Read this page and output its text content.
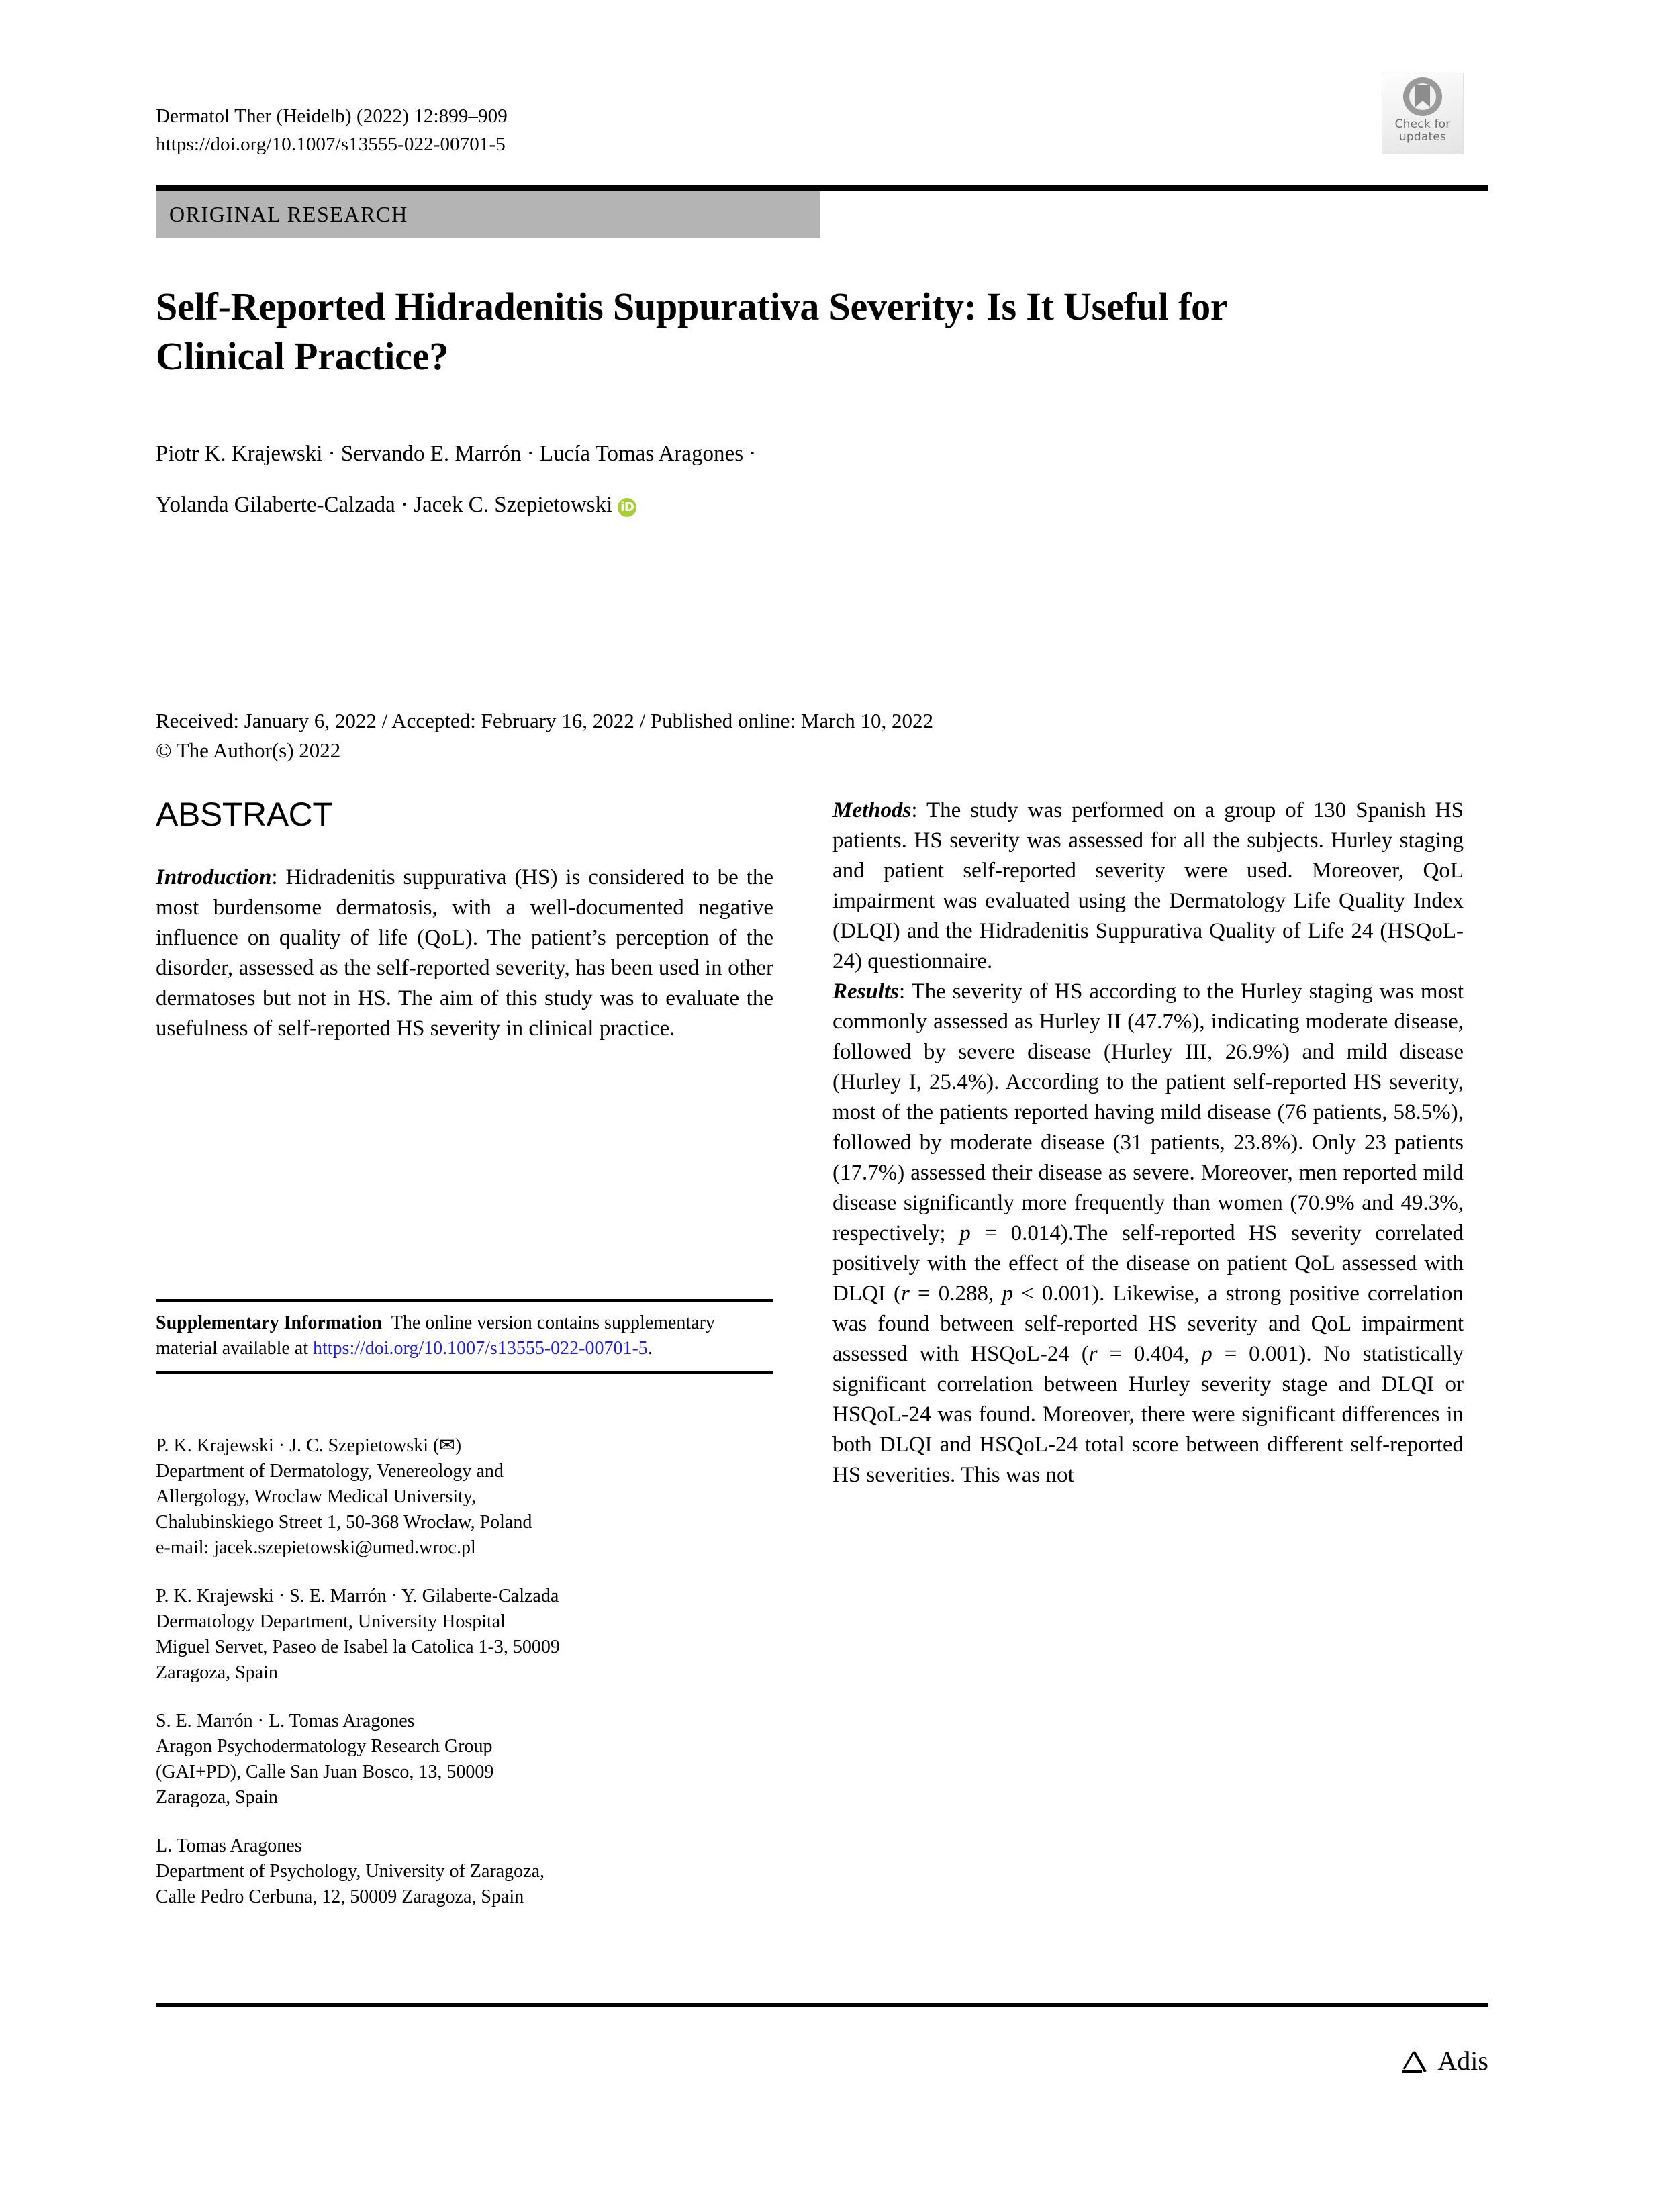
Dermatol Ther (Heidelb) (2022) 12:899–909
https://doi.org/10.1007/s13555-022-00701-5
Check for
updates
ORIGINAL RESEARCH
Self-Reported Hidradenitis Suppurativa Severity: Is It Useful for Clinical Practice?
Piotr K. Krajewski · Servando E. Marrón · Lucía Tomas Aragones ·
Yolanda Gilaberte-Calzada · Jacek C. Szepietowski iD
Received: January 6, 2022 / Accepted: February 16, 2022 / Published online: March 10, 2022
© The Author(s) 2022
ABSTRACT

Introduction: Hidradenitis suppurativa (HS) is considered to be the most burdensome dermatosis, with a well-documented negative influence on quality of life (QoL). The patient’s perception of the disorder, assessed as the self-reported severity, has been used in other dermatoses but not in HS. The aim of this study was to evaluate the usefulness of self-reported HS severity in clinical practice.

Supplementary Information The online version contains supplementary material available at https://doi.org/10.1007/s13555-022-00701-5.
P. K. Krajewski · J. C. Szepietowski (✉)
Department of Dermatology, Venereology and
Allergology, Wroclaw Medical University,
Chalubinskiego Street 1, 50-368 Wrocław, Poland
e-mail: jacek.szepietowski@umed.wroc.pl
P. K. Krajewski · S. E. Marrón · Y. Gilaberte-Calzada
Dermatology Department, University Hospital
Miguel Servet, Paseo de Isabel la Catolica 1-3, 50009
Zaragoza, Spain
S. E. Marrón · L. Tomas Aragones
Aragon Psychodermatology Research Group
(GAI+PD), Calle San Juan Bosco, 13, 50009
Zaragoza, Spain
L. Tomas Aragones
Department of Psychology, University of Zaragoza,
Calle Pedro Cerbuna, 12, 50009 Zaragoza, Spain

Methods: The study was performed on a group of 130 Spanish HS patients. HS severity was assessed for all the subjects. Hurley staging and patient self-reported severity were used. Moreover, QoL impairment was evaluated using the Dermatology Life Quality Index (DLQI) and the Hidradenitis Suppurativa Quality of Life 24 (HSQoL-24) questionnaire.

Results: The severity of HS according to the Hurley staging was most commonly assessed as Hurley II (47.7%), indicating moderate disease, followed by severe disease (Hurley III, 26.9%) and mild disease (Hurley I, 25.4%). According to the patient self-reported HS severity, most of the patients reported having mild disease (76 patients, 58.5%), followed by moderate disease (31 patients, 23.8%). Only 23 patients (17.7%) assessed their disease as severe. Moreover, men reported mild disease significantly more frequently than women (70.9% and 49.3%, respectively; p = 0.014).The self-reported HS severity correlated positively with the effect of the disease on patient QoL assessed with DLQI (r = 0.288, p < 0.001). Likewise, a strong positive correlation was found between self-reported HS severity and QoL impairment assessed with HSQoL-24 (r = 0.404, p = 0.001). No statistically significant correlation between Hurley severity stage and DLQI or HSQoL-24 was found. Moreover, there were significant differences in both DLQI and HSQoL-24 total score between different self-reported HS severities. This was not

Adis
